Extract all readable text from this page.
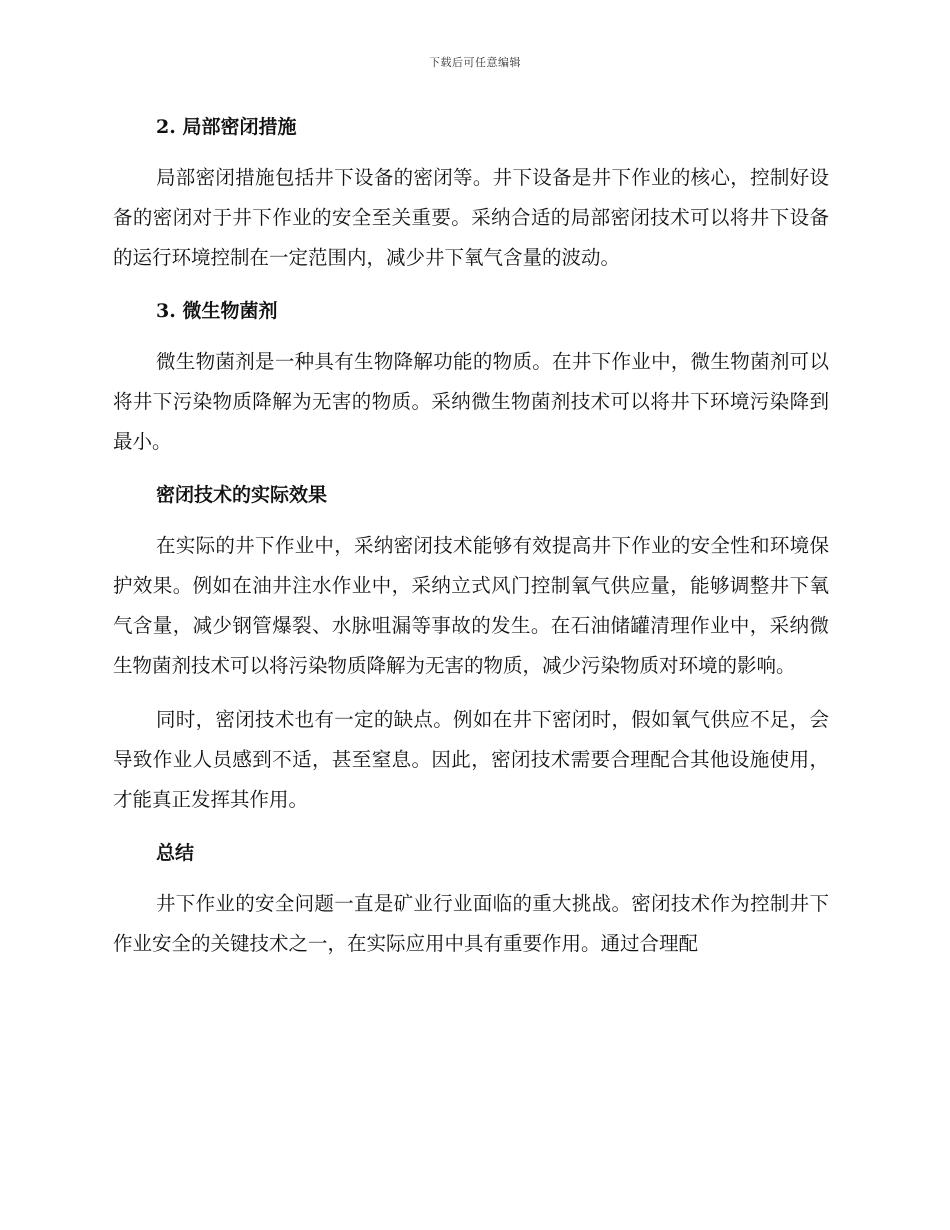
下载后可任意编辑
2. 局部密闭措施

局部密闭措施包括井下设备的密闭等。井下设备是井下作业的核心，控制好设备的密闭对于井下作业的安全至关重要。采纳合适的局部密闭技术可以将井下设备的运行环境控制在一定范围内，减少井下氧气含量的波动。

3. 微生物菌剂

微生物菌剂是一种具有生物降解功能的物质。在井下作业中，微生物菌剂可以将井下污染物质降解为无害的物质。采纳微生物菌剂技术可以将井下环境污染降到最小。

密闭技术的实际效果

在实际的井下作业中，采纳密闭技术能够有效提高井下作业的安全性和环境保护效果。例如在油井注水作业中，采纳立式风门控制氧气供应量，能够调整井下氧气含量，减少钢管爆裂、水脉咀漏等事故的发生。在石油储罐清理作业中，采纳微生物菌剂技术可以将污染物质降解为无害的物质，减少污染物质对环境的影响。

同时，密闭技术也有一定的缺点。例如在井下密闭时，假如氧气供应不足，会导致作业人员感到不适，甚至窒息。因此，密闭技术需要合理配合其他设施使用，才能真正发挥其作用。

总结

井下作业的安全问题一直是矿业行业面临的重大挑战。密闭技术作为控制井下作业安全的关键技术之一，在实际应用中具有重要作用。通过合理配
